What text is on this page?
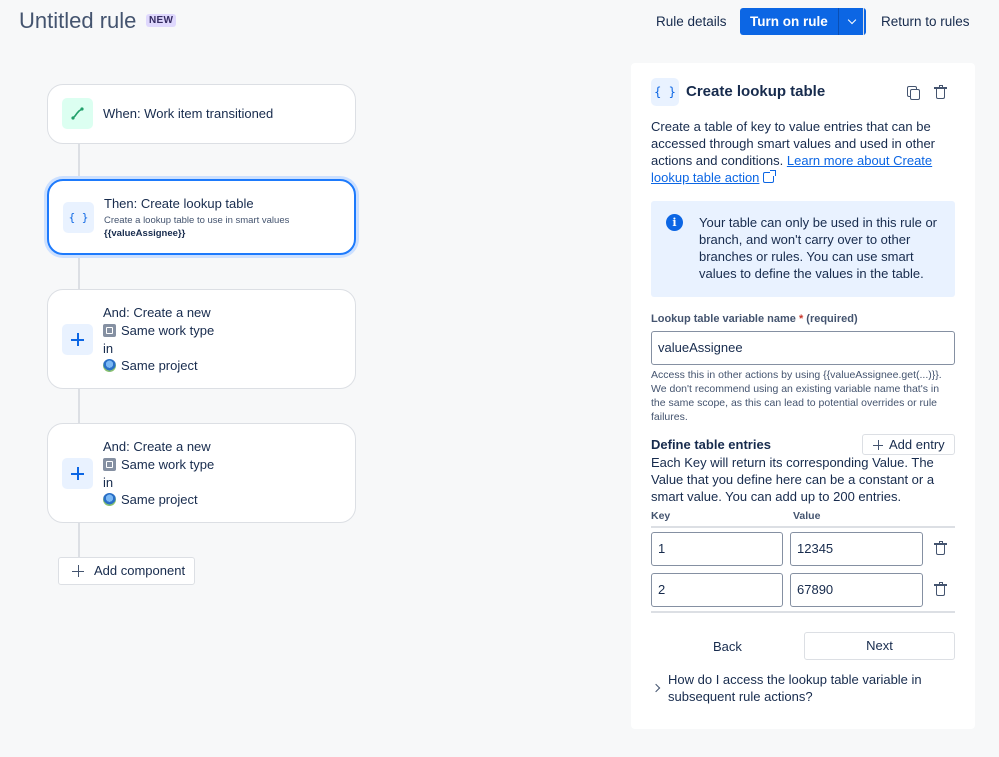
Untitled rule	NEW	Rule details	Turn on rule	Return to rules
When: Work item transitioned
{ }
Then: Create lookup table
Create a lookup table to use in smart values
{{valueAssignee}}
And: Create a new
Same work type
in
Same project
And: Create a new
Same work type
in
Same project
Add component
{ } Create lookup table
Create a table of key to value entries that can be accessed through smart values and used in other actions and conditions. Learn more about Create lookup table action
i	Your table can only be used in this rule or branch, and won't carry over to other branches or rules. You can use smart values to define the values in the table.
Lookup table variable name * (required)
valueAssignee
Access this in other actions by using {{valueAssignee.get(...)}}. We don't recommend using an existing variable name that's in the same scope, as this can lead to potential overrides or rule failures.
Define table entries	Add entry
Each Key will return its corresponding Value. The Value that you define here can be a constant or a smart value. You can add up to 200 entries.
Key	Value
1	12345
2	67890
Back	Next
How do I access the lookup table variable in subsequent rule actions?
